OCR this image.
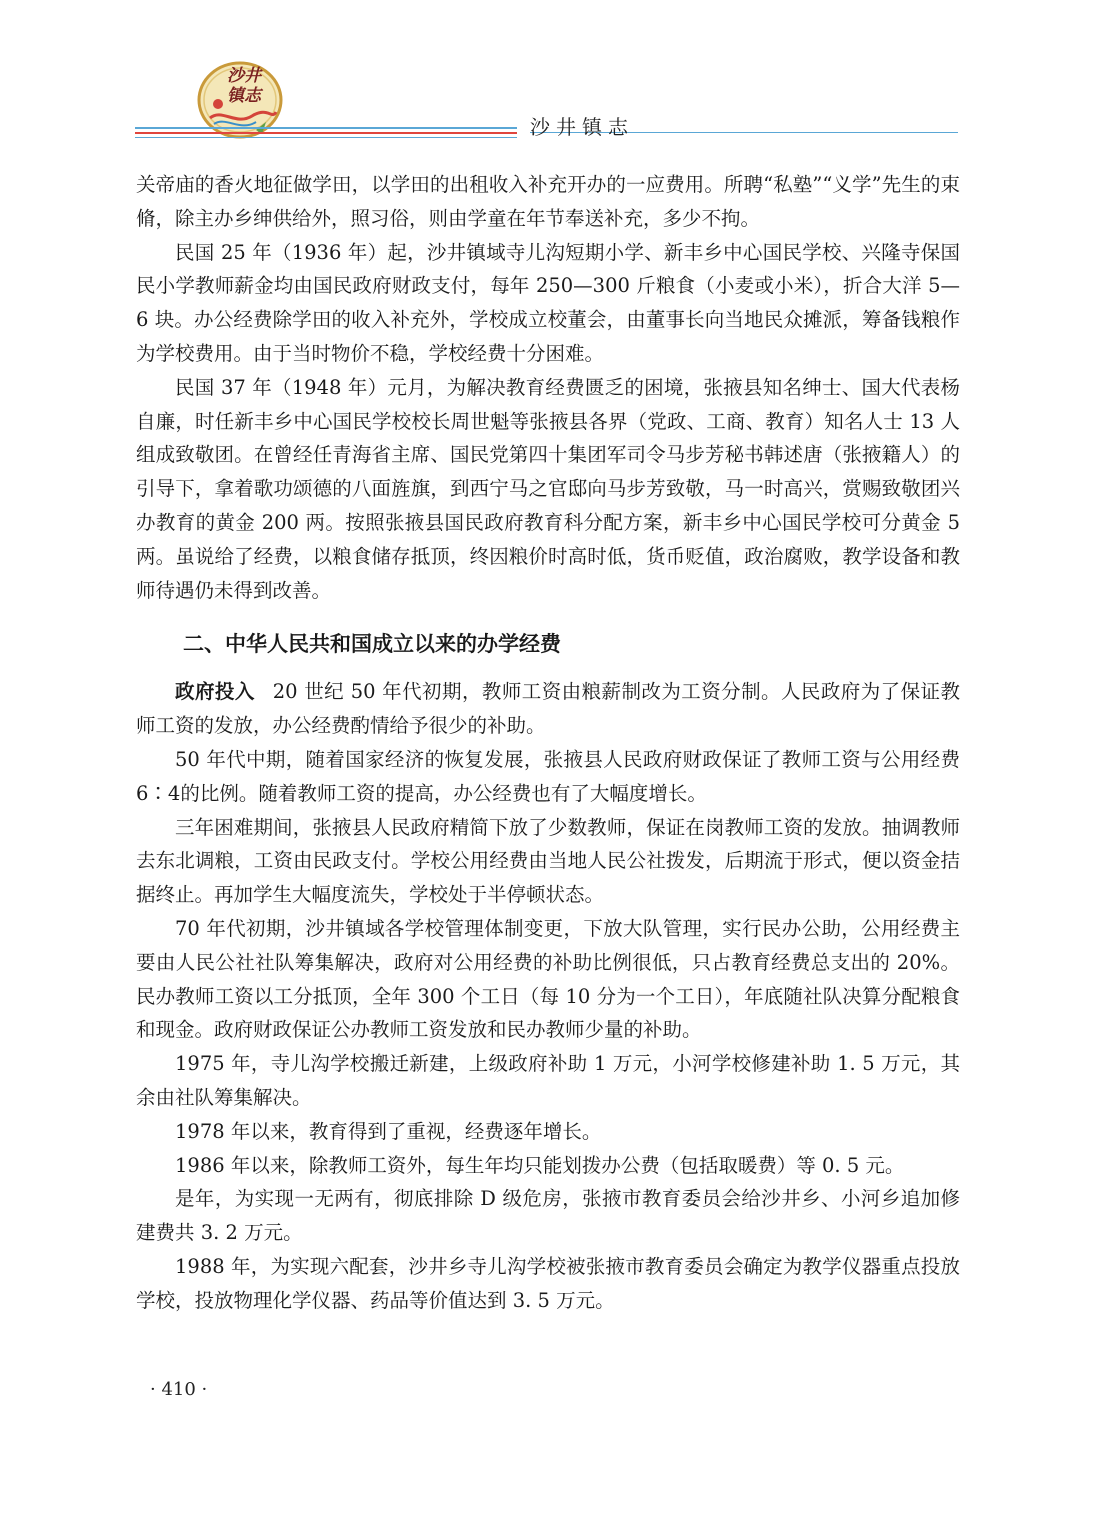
沙井镇志
沙井镇志

关帝庙的香火地征做学田，以学田的出租收入补充开办的一应费用。所聘“私塾”“义学”先生的束脩，除主办乡绅供给外，照习俗，则由学童在年节奉送补充，多少不拘。

民国 25 年（1936 年）起，沙井镇域寺儿沟短期小学、新丰乡中心国民学校、兴隆寺保国民小学教师薪金均由国民政府财政支付，每年 250—300 斤粮食（小麦或小米），折合大洋 5—6 块。办公经费除学田的收入补充外，学校成立校董会，由董事长向当地民众摊派，筹备钱粮作为学校费用。由于当时物价不稳，学校经费十分困难。

民国 37 年（1948 年）元月，为解决教育经费匮乏的困境，张掖县知名绅士、国大代表杨自廉，时任新丰乡中心国民学校校长周世魁等张掖县各界（党政、工商、教育）知名人士 13 人组成致敬团。在曾经任青海省主席、国民党第四十集团军司令马步芳秘书韩述唐（张掖籍人）的引导下，拿着歌功颂德的八面旌旗，到西宁马之官邸向马步芳致敬，马一时高兴，赏赐致敬团兴办教育的黄金 200 两。按照张掖县国民政府教育科分配方案，新丰乡中心国民学校可分黄金 5 两。虽说给了经费，以粮食储存抵顶，终因粮价时高时低，货币贬值，政治腐败，教学设备和教师待遇仍未得到改善。

二、中华人民共和国成立以来的办学经费

政府投入 20 世纪 50 年代初期，教师工资由粮薪制改为工资分制。人民政府为了保证教师工资的发放，办公经费酌情给予很少的补助。

50 年代中期，随着国家经济的恢复发展，张掖县人民政府财政保证了教师工资与公用经费 6∶4的比例。随着教师工资的提高，办公经费也有了大幅度增长。

三年困难期间，张掖县人民政府精简下放了少数教师，保证在岗教师工资的发放。抽调教师去东北调粮，工资由民政支付。学校公用经费由当地人民公社拨发，后期流于形式，便以资金拮据终止。再加学生大幅度流失，学校处于半停顿状态。

70 年代初期，沙井镇域各学校管理体制变更，下放大队管理，实行民办公助，公用经费主要由人民公社社队筹集解决，政府对公用经费的补助比例很低，只占教育经费总支出的 20%。民办教师工资以工分抵顶，全年 300 个工日（每 10 分为一个工日），年底随社队决算分配粮食和现金。政府财政保证公办教师工资发放和民办教师少量的补助。

1975 年，寺儿沟学校搬迁新建，上级政府补助 1 万元，小河学校修建补助 1. 5 万元，其余由社队筹集解决。

1978 年以来，教育得到了重视，经费逐年增长。

1986 年以来，除教师工资外，每生年均只能划拨办公费（包括取暖费）等 0. 5 元。

是年，为实现一无两有，彻底排除 D 级危房，张掖市教育委员会给沙井乡、小河乡追加修建费共 3. 2 万元。

1988 年，为实现六配套，沙井乡寺儿沟学校被张掖市教育委员会确定为教学仪器重点投放学校，投放物理化学仪器、药品等价值达到 3. 5 万元。

· 410 ·
